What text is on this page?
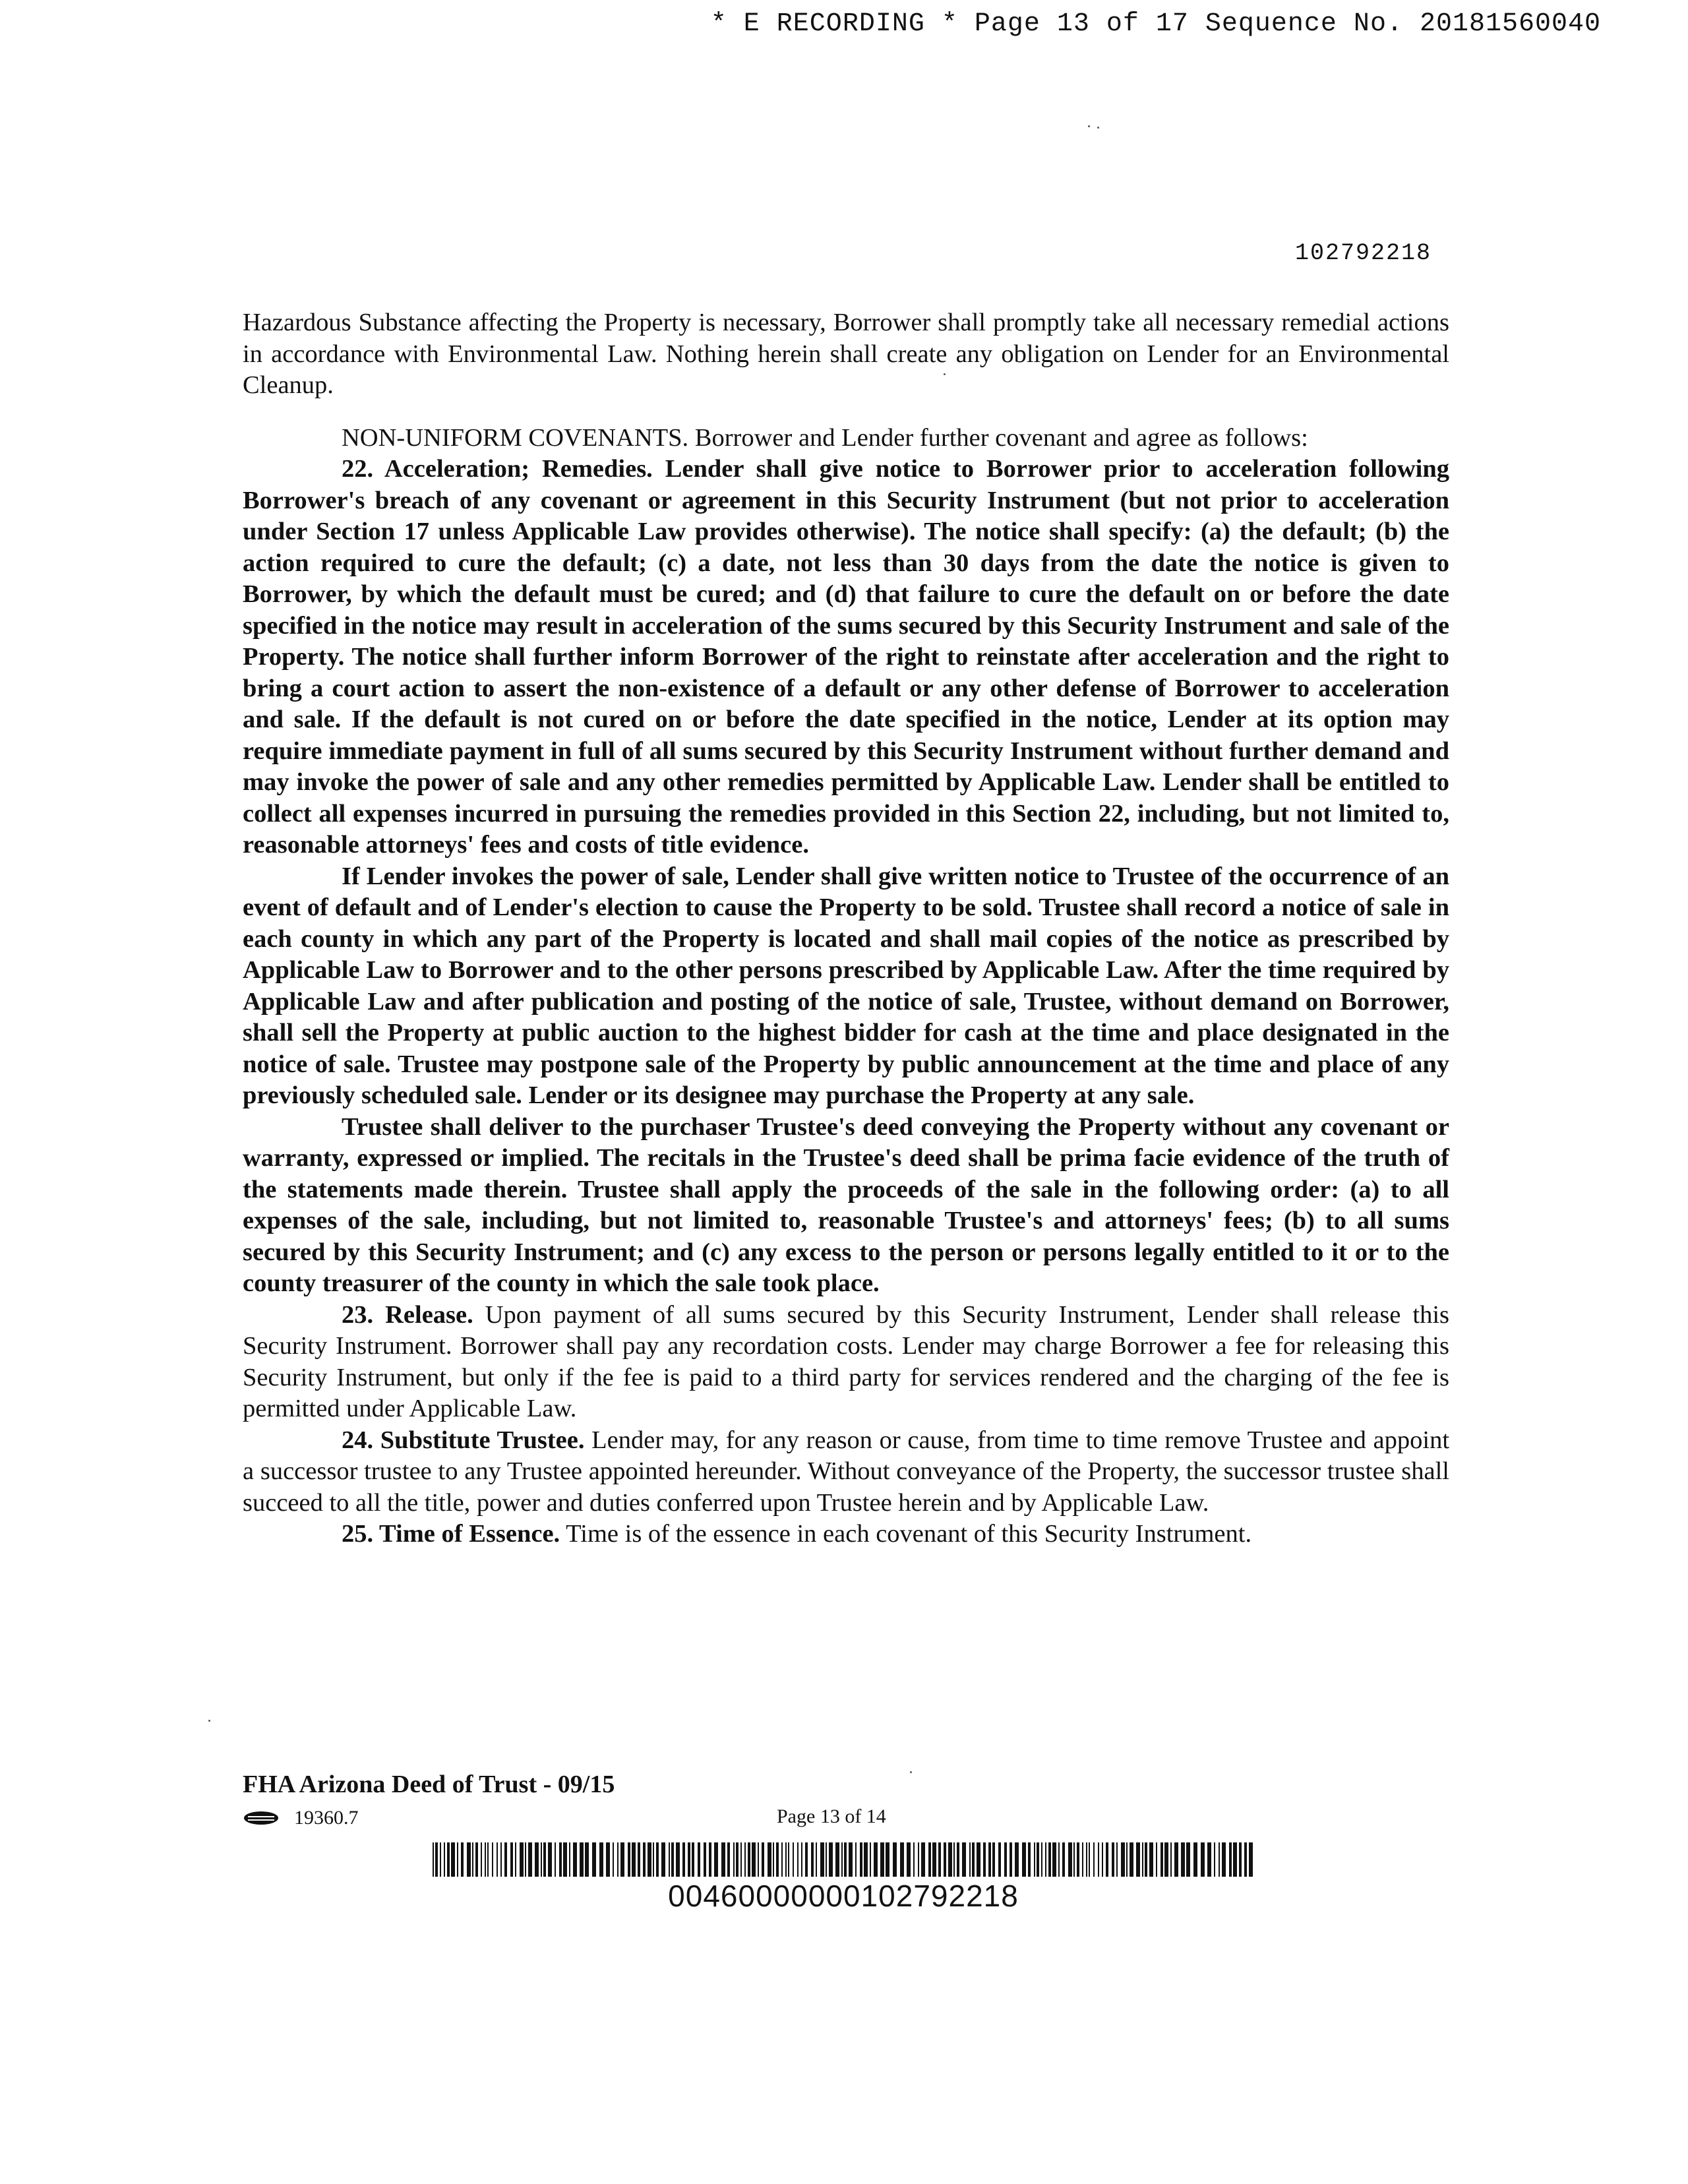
* E RECORDING * Page 13 of 17 Sequence No. 20181560040
102792218

Hazardous Substance affecting the Property is necessary, Borrower shall promptly take all necessary remedial actions in accordance with Environmental Law. Nothing herein shall create any obligation on Lender for an Environmental Cleanup.

NON-UNIFORM COVENANTS. Borrower and Lender further covenant and agree as follows:

22. Acceleration; Remedies. Lender shall give notice to Borrower prior to acceleration following Borrower's breach of any covenant or agreement in this Security Instrument (but not prior to acceleration under Section 17 unless Applicable Law provides otherwise). The notice shall specify: (a) the default; (b) the action required to cure the default; (c) a date, not less than 30 days from the date the notice is given to Borrower, by which the default must be cured; and (d) that failure to cure the default on or before the date specified in the notice may result in acceleration of the sums secured by this Security Instrument and sale of the Property. The notice shall further inform Borrower of the right to reinstate after acceleration and the right to bring a court action to assert the non-existence of a default or any other defense of Borrower to acceleration and sale. If the default is not cured on or before the date specified in the notice, Lender at its option may require immediate payment in full of all sums secured by this Security Instrument without further demand and may invoke the power of sale and any other remedies permitted by Applicable Law. Lender shall be entitled to collect all expenses incurred in pursuing the remedies provided in this Section 22, including, but not limited to, reasonable attorneys' fees and costs of title evidence.

If Lender invokes the power of sale, Lender shall give written notice to Trustee of the occurrence of an event of default and of Lender's election to cause the Property to be sold. Trustee shall record a notice of sale in each county in which any part of the Property is located and shall mail copies of the notice as prescribed by Applicable Law to Borrower and to the other persons prescribed by Applicable Law. After the time required by Applicable Law and after publication and posting of the notice of sale, Trustee, without demand on Borrower, shall sell the Property at public auction to the highest bidder for cash at the time and place designated in the notice of sale. Trustee may postpone sale of the Property by public announcement at the time and place of any previously scheduled sale. Lender or its designee may purchase the Property at any sale.

Trustee shall deliver to the purchaser Trustee's deed conveying the Property without any covenant or warranty, expressed or implied. The recitals in the Trustee's deed shall be prima facie evidence of the truth of the statements made therein. Trustee shall apply the proceeds of the sale in the following order: (a) to all expenses of the sale, including, but not limited to, reasonable Trustee's and attorneys' fees; (b) to all sums secured by this Security Instrument; and (c) any excess to the person or persons legally entitled to it or to the county treasurer of the county in which the sale took place.

23. Release. Upon payment of all sums secured by this Security Instrument, Lender shall release this Security Instrument. Borrower shall pay any recordation costs. Lender may charge Borrower a fee for releasing this Security Instrument, but only if the fee is paid to a third party for services rendered and the charging of the fee is permitted under Applicable Law.

24. Substitute Trustee. Lender may, for any reason or cause, from time to time remove Trustee and appoint a successor trustee to any Trustee appointed hereunder. Without conveyance of the Property, the successor trustee shall succeed to all the title, power and duties conferred upon Trustee herein and by Applicable Law.

25. Time of Essence. Time is of the essence in each covenant of this Security Instrument.

FHA Arizona Deed of Trust - 09/15
19360.7	Page 13 of 14
00460000000102792218
